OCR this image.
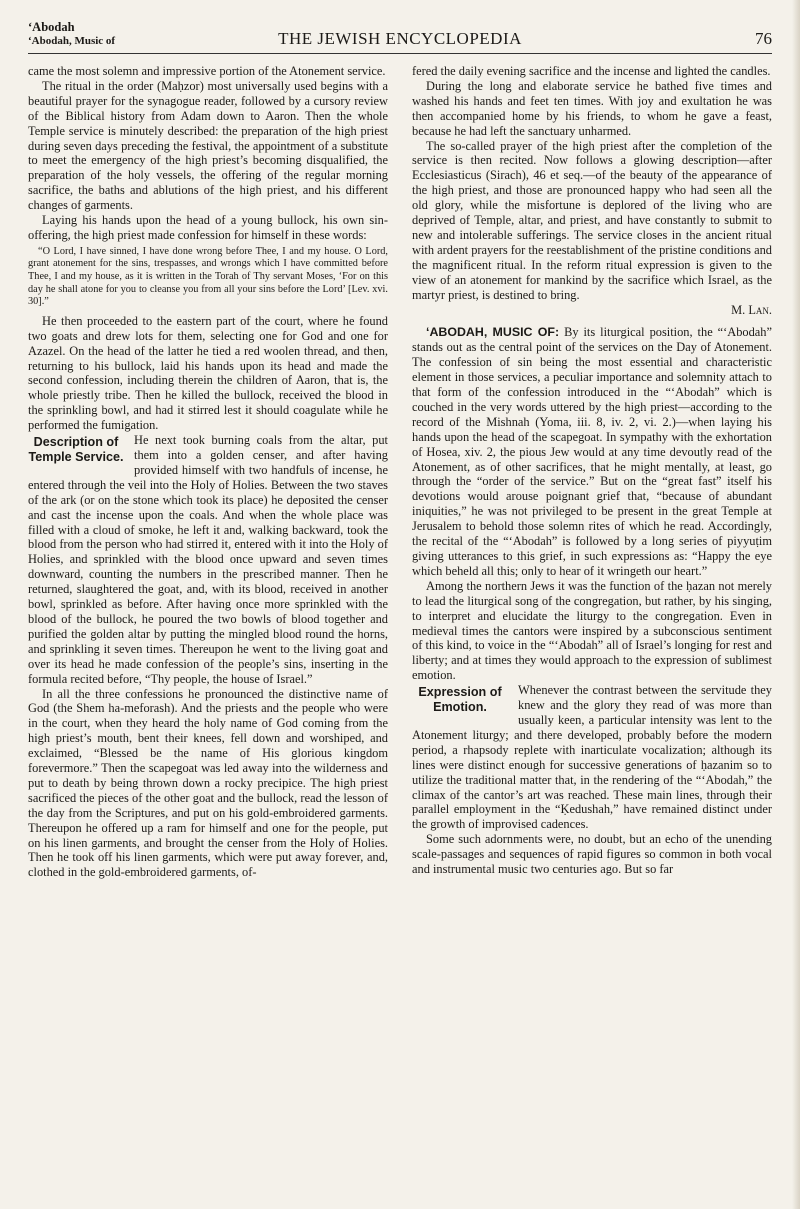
‘Abodah
‘Abodah, Music of	THE JEWISH ENCYCLOPEDIA	76

came the most solemn and impressive portion of the Atonement service.

The ritual in the order (Maḥzor) most universally used begins with a beautiful prayer for the synagogue reader, followed by a cursory review of the Biblical history from Adam down to Aaron. Then the whole Temple service is minutely described: the preparation of the high priest during seven days preceding the festival, the appointment of a substitute to meet the emergency of the high priest’s becoming disqualified, the preparation of the holy vessels, the offering of the regular morning sacrifice, the baths and ablutions of the high priest, and his different changes of garments.

Laying his hands upon the head of a young bullock, his own sin-offering, the high priest made confession for himself in these words:

“O Lord, I have sinned, I have done wrong before Thee, I and my house. O Lord, grant atonement for the sins, trespasses, and wrongs which I have committed before Thee, I and my house, as it is written in the Torah of Thy servant Moses, ‘For on this day he shall atone for you to cleanse you from all your sins before the Lord’ [Lev. xvi. 30].”

He then proceeded to the eastern part of the court, where he found two goats and drew lots for them, selecting one for God and one for Azazel. On the head of the latter he tied a red woolen thread, and then, returning to his bullock, laid his hands upon its head and made the second confession, including therein the children of Aaron, that is, the whole priestly tribe. Then he killed the bullock, received the blood in the sprinkling bowl, and had it stirred lest it should coagulate while he performed the fumigation.

Description of Temple Service.
He next took burning coals from the altar, put them into a golden censer, and after having provided himself with two handfuls of incense, he entered through the veil into the Holy of Holies. Between the two staves of the ark (or on the stone which took its place) he deposited the censer and cast the incense upon the coals. And when the whole place was filled with a cloud of smoke, he left it and, walking backward, took the blood from the person who had stirred it, entered with it into the Holy of Holies, and sprinkled with the blood once upward and seven times downward, counting the numbers in the prescribed manner. Then he returned, slaughtered the goat, and, with its blood, received in another bowl, sprinkled as before. After having once more sprinkled with the blood of the bullock, he poured the two bowls of blood together and purified the golden altar by putting the mingled blood round the horns, and sprinkling it seven times. Thereupon he went to the living goat and over its head he made confession of the people’s sins, inserting in the formula recited before, “Thy people, the house of Israel.”

In all the three confessions he pronounced the distinctive name of God (the Shem ha-meforash). And the priests and the people who were in the court, when they heard the holy name of God coming from the high priest’s mouth, bent their knees, fell down and worshiped, and exclaimed, “Blessed be the name of His glorious kingdom forevermore.” Then the scapegoat was led away into the wilderness and put to death by being thrown down a rocky precipice. The high priest sacrificed the pieces of the other goat and the bullock, read the lesson of the day from the Scriptures, and put on his gold-embroidered garments. Thereupon he offered up a ram for himself and one for the people, put on his linen garments, and brought the censer from the Holy of Holies. Then he took off his linen garments, which were put away forever, and, clothed in the gold-embroidered garments, of-

fered the daily evening sacrifice and the incense and lighted the candles.

During the long and elaborate service he bathed five times and washed his hands and feet ten times. With joy and exultation he was then accompanied home by his friends, to whom he gave a feast, because he had left the sanctuary unharmed.

The so-called prayer of the high priest after the completion of the service is then recited. Now follows a glowing description—after Ecclesiasticus (Sirach), 46 et seq.—of the beauty of the appearance of the high priest, and those are pronounced happy who had seen all the old glory, while the misfortune is deplored of the living who are deprived of Temple, altar, and priest, and have constantly to submit to new and intolerable sufferings. The service closes in the ancient ritual with ardent prayers for the reestablishment of the pristine conditions and the magnificent ritual. In the reform ritual expression is given to the view of an atonement for mankind by the sacrifice which Israel, as the martyr priest, is destined to bring.

M. Lan.

‘ABODAH, MUSIC OF: By its liturgical position, the “‘Abodah” stands out as the central point of the services on the Day of Atonement. The confession of sin being the most essential and characteristic element in those services, a peculiar importance and solemnity attach to that form of the confession introduced in the “‘Abodah” which is couched in the very words uttered by the high priest—according to the record of the Mishnah (Yoma, iii. 8, iv. 2, vi. 2.)—when laying his hands upon the head of the scapegoat. In sympathy with the exhortation of Hosea, xiv. 2, the pious Jew would at any time devoutly read of the Atonement, as of other sacrifices, that he might mentally, at least, go through the “order of the service.” But on the “great fast” itself his devotions would arouse poignant grief that, “because of abundant iniquities,” he was not privileged to be present in the great Temple at Jerusalem to behold those solemn rites of which he read. Accordingly, the recital of the “‘Abodah” is followed by a long series of piyyuṭim giving utterances to this grief, in such expressions as: “Happy the eye which beheld all this; only to hear of it wringeth our heart.”

Among the northern Jews it was the function of the ḥazan not merely to lead the liturgical song of the congregation, but rather, by his singing, to interpret and elucidate the liturgy to the congregation. Even in medieval times the cantors were inspired by a subconscious sentiment of this kind, to voice in the “‘Abodah” all of Israel’s longing for rest and liberty; and at times they would approach to the expression of sublimest emotion.

Expression of Emotion.
Whenever the contrast between the servitude they knew and the glory they read of was more than usually keen, a particular intensity was lent to the Atonement liturgy; and there developed, probably before the modern period, a rhapsody replete with inarticulate vocalization; although its lines were distinct enough for successive generations of ḥazanim so to utilize the traditional matter that, in the rendering of the “‘Abodah,” the climax of the cantor’s art was reached. These main lines, through their parallel employment in the “Ḳedushah,” have remained distinct under the growth of improvised cadences.

Some such adornments were, no doubt, but an echo of the unending scale-passages and sequences of rapid figures so common in both vocal and instrumental music two centuries ago. But so far
